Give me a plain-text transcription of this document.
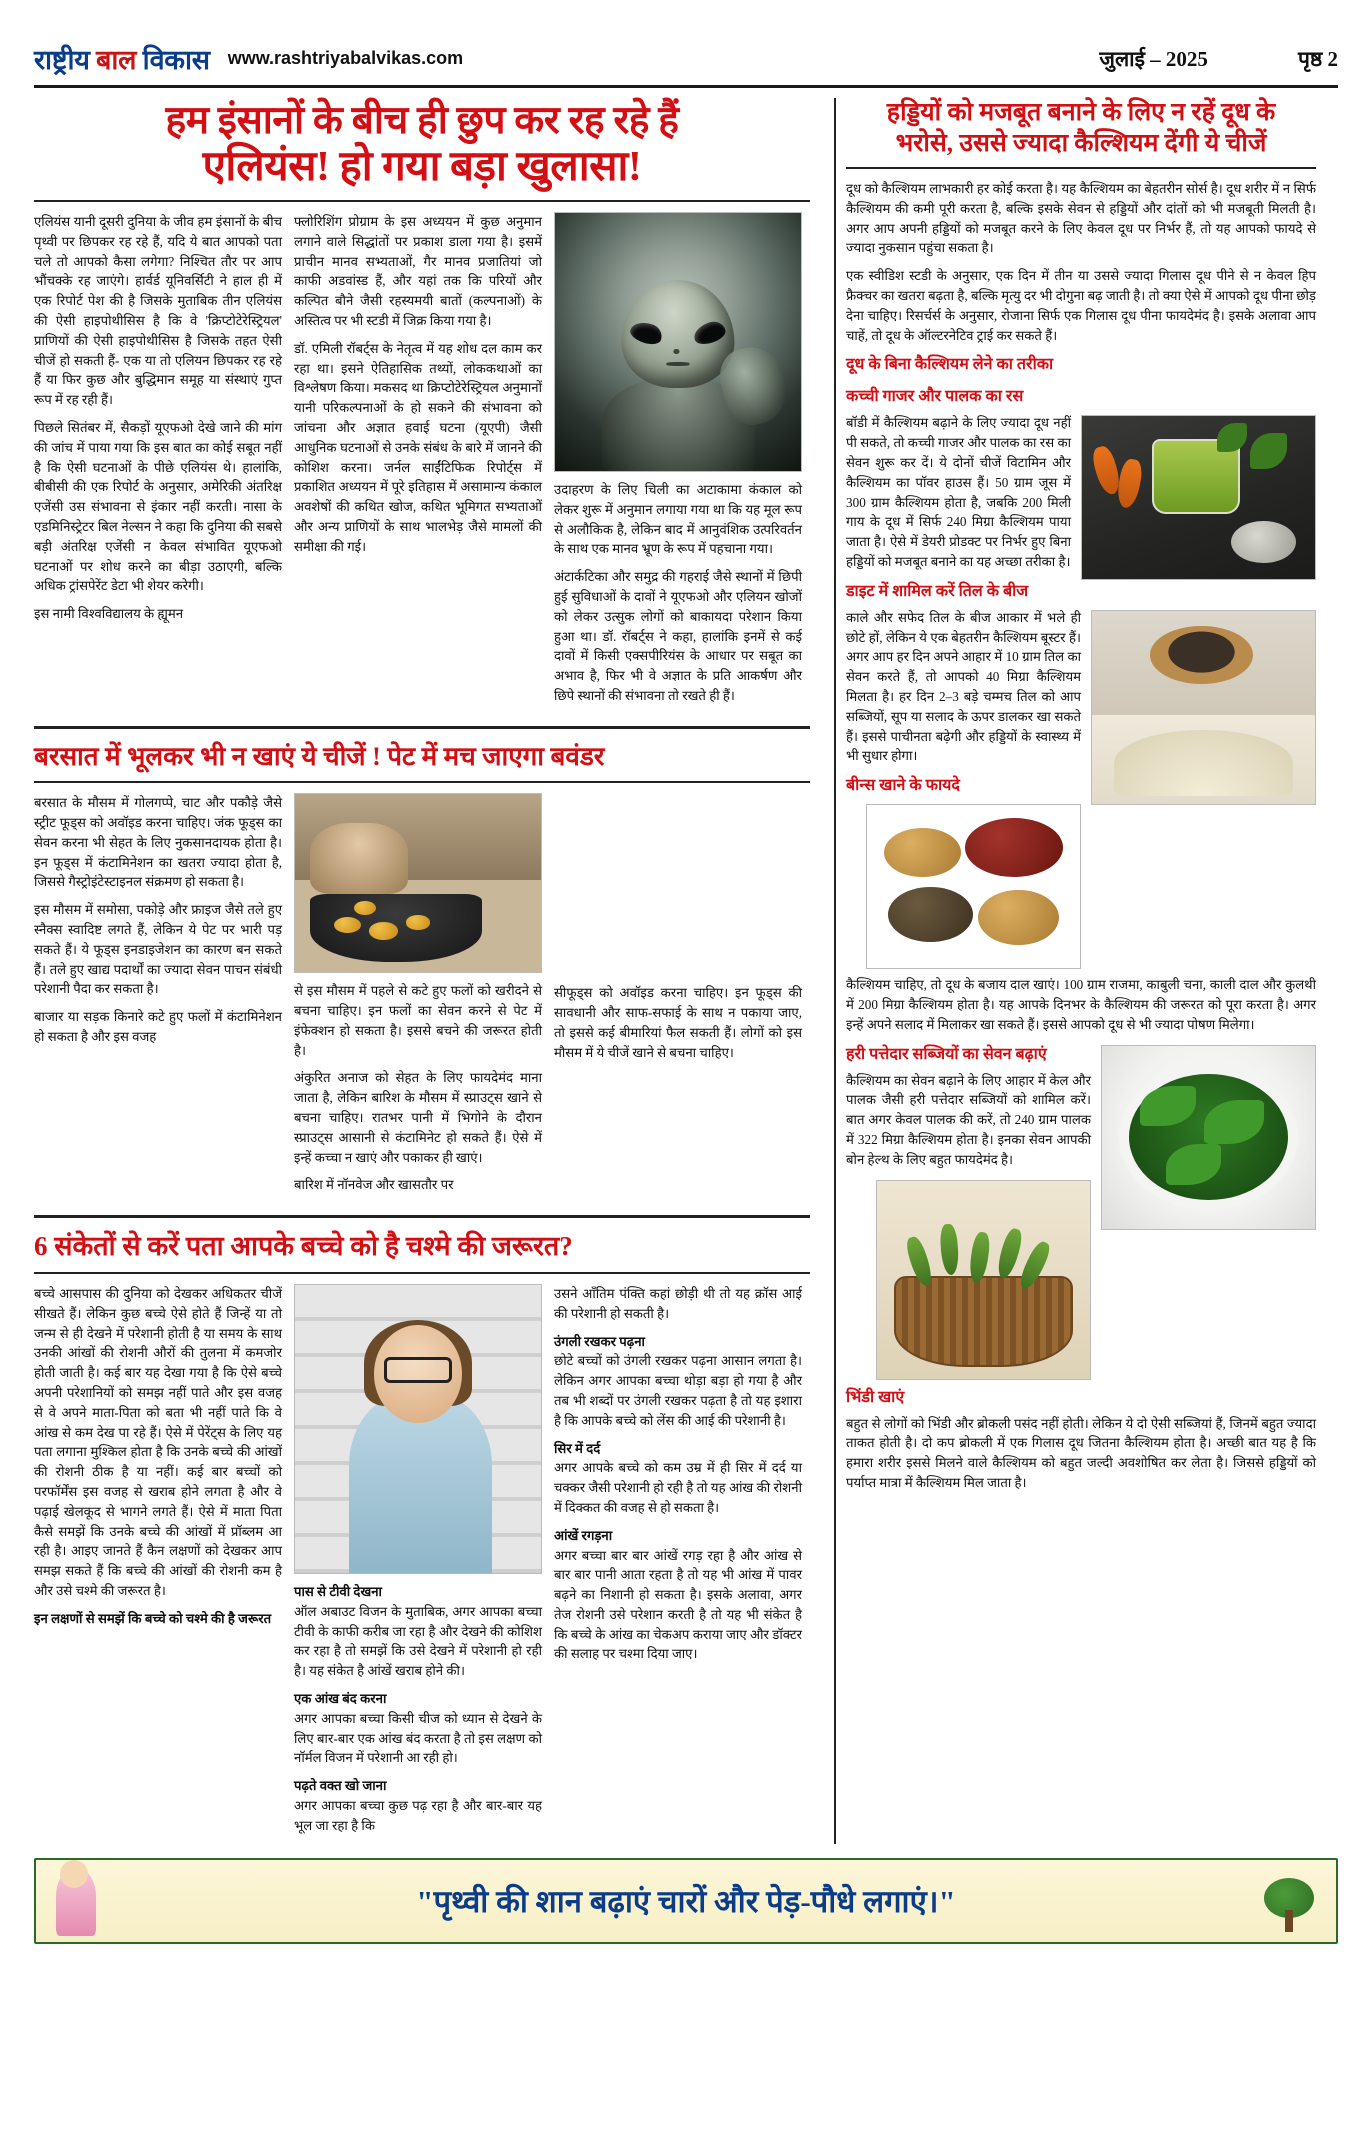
राष्ट्रीय बाल विकास www.rashtriyabalvikas.com	जुलाई – 2025	पृष्ठ 2
हम इंसानों के बीच ही छुप कर रह रहे हैं
एलियंस! हो गया बड़ा खुलासा!

एलियंस यानी दूसरी दुनिया के जीव हम इंसानों के बीच पृथ्वी पर छिपकर रह रहे हैं, यदि ये बात आपको पता चले तो आपको कैसा लगेगा? निश्चित तौर पर आप भौंचक्के रह जाएंगे। हार्वर्ड यूनिवर्सिटी ने हाल ही में एक रिपोर्ट पेश की है जिसके मुताबिक तीन एलियंस की ऐसी हाइपोथीसिस है कि वे 'क्रिप्टोटेरेस्ट्रियल' प्राणियों की ऐसी हाइपोथीसिस है जिसके तहत ऐसी चीजें हो सकती हैं- एक या तो एलियन छिपकर रह रहे हैं या फिर कुछ और बुद्धिमान समूह या संस्थाएं गुप्त रूप में रह रही हैं।

पिछले सितंबर में, सैकड़ों यूएफओ देखे जाने की मांग की जांच में पाया गया कि इस बात का कोई सबूत नहीं है कि ऐसी घटनाओं के पीछे एलियंस थे। हालांकि, बीबीसी की एक रिपोर्ट के अनुसार, अमेरिकी अंतरिक्ष एजेंसी उस संभावना से इंकार नहीं करती। नासा के एडमिनिस्ट्रेटर बिल नेल्सन ने कहा कि दुनिया की सबसे बड़ी अंतरिक्ष एजेंसी न केवल संभावित यूएफओ घटनाओं पर शोध करने का बीड़ा उठाएगी, बल्कि अधिक ट्रांसपेरेंट डेटा भी शेयर करेगी।

इस नामी विश्वविद्यालय के ह्यूमन

फ्लोरिशिंग प्रोग्राम के इस अध्ययन में कुछ अनुमान लगाने वाले सिद्धांतों पर प्रकाश डाला गया है। इसमें प्राचीन मानव सभ्यताओं, गैर मानव प्रजातियां जो काफी अडवांस्ड हैं, और यहां तक कि परियों और कल्पित बौने जैसी रहस्यमयी बातों (कल्पनाओं) के अस्तित्व पर भी स्टडी में जिक्र किया गया है।

डॉ. एमिली रॉबर्ट्स के नेतृत्व में यह शोध दल काम कर रहा था। इसने ऐतिहासिक तथ्यों, लोककथाओं का विश्लेषण किया। मकसद था क्रिप्टोटेरेस्ट्रियल अनुमानों यानी परिकल्पनाओं के हो सकने की संभावना को जांचना और अज्ञात हवाई घटना (यूएपी) जैसी आधुनिक घटनाओं से उनके संबंध के बारे में जानने की कोशिश करना। जर्नल साईंटिफिक रिपोर्ट्स में प्रकाशित अध्ययन में पूरे इतिहास में असामान्य कंकाल अवशेषों की कथित खोज, कथित भूमिगत सभ्यताओं और अन्य प्राणियों के साथ भालभेड़ जैसे मामलों की समीक्षा की गई।

उदाहरण के लिए चिली का अटाकामा कंकाल को लेकर शुरू में अनुमान लगाया गया था कि यह मूल रूप से अलौकिक है, लेकिन बाद में आनुवंशिक उत्परिवर्तन के साथ एक मानव भ्रूण के रूप में पहचाना गया।

अंटार्कटिका और समुद्र की गहराई जैसे स्थानों में छिपी हुई सुविधाओं के दावों ने यूएफओ और एलियन खोजों को लेकर उत्सुक लोगों को बाकायदा परेशान किया हुआ था। डॉ. रॉबर्ट्स ने कहा, हालांकि इनमें से कई दावों में किसी एक्सपीरियंस के आधार पर सबूत का अभाव है, फिर भी वे अज्ञात के प्रति आकर्षण और छिपे स्थानों की संभावना तो रखते ही हैं।

बरसात में भूलकर भी न खाएं ये चीजें ! पेट में मच जाएगा बवंडर

बरसात के मौसम में गोलगप्पे, चाट और पकौड़े जैसे स्ट्रीट फूड्स को अवॉइड करना चाहिए। जंक फूड्स का सेवन करना भी सेहत के लिए नुकसानदायक होता है। इन फूड्स में कंटामिनेशन का खतरा ज्यादा होता है, जिससे गैस्ट्रोइंटेस्टाइनल संक्रमण हो सकता है।

इस मौसम में समोसा, पकोड़े और फ्राइज जैसे तले हुए स्नैक्स स्वादिष्ट लगते हैं, लेकिन ये पेट पर भारी पड़ सकते हैं। ये फूड्स इनडाइजेशन का कारण बन सकते हैं। तले हुए खाद्य पदार्थों का ज्यादा सेवन पाचन संबंधी परेशानी पैदा कर सकता है।

बाजार या सड़क किनारे कटे हुए फलों में कंटामिनेशन हो सकता है और इस वजह

से इस मौसम में पहले से कटे हुए फलों को खरीदने से बचना चाहिए। इन फलों का सेवन करने से पेट में इंफेक्शन हो सकता है। इससे बचने की जरूरत होती है।

अंकुरित अनाज को सेहत के लिए फायदेमंद माना जाता है, लेकिन बारिश के मौसम में स्प्राउट्स खाने से बचना चाहिए। रातभर पानी में भिगोने के दौरान स्प्राउट्स आसानी से कंटामिनेट हो सकते हैं। ऐसे में इन्हें कच्चा न खाएं और पकाकर ही खाएं।

बारिश में नॉनवेज और खासतौर पर

सीफूड्स को अवॉइड करना चाहिए। इन फूड्स की सावधानी और साफ-सफाई के साथ न पकाया जाए, तो इससे कई बीमारियां फैल सकती हैं। लोगों को इस मौसम में ये चीजें खाने से बचना चाहिए।

6 संकेतों से करें पता आपके बच्चे को है चश्मे की जरूरत?

बच्चे आसपास की दुनिया को देखकर अधिकतर चीजें सीखते हैं। लेकिन कुछ बच्चे ऐसे होते हैं जिन्हें या तो जन्म से ही देखने में परेशानी होती है या समय के साथ उनकी आंखों की रोशनी औरों की तुलना में कमजोर होती जाती है। कई बार यह देखा गया है कि ऐसे बच्चे अपनी परेशानियों को समझ नहीं पाते और इस वजह से वे अपने माता-पिता को बता भी नहीं पाते कि वे आंख से कम देख पा रहे हैं। ऐसे में पेरेंट्स के लिए यह पता लगाना मुश्किल होता है कि उनके बच्चे की आंखों की रोशनी ठीक है या नहीं। कई बार बच्चों को परफॉर्मेंस इस वजह से खराब होने लगता है और वे पढ़ाई खेलकूद से भागने लगते हैं। ऐसे में माता पिता कैसे समझें कि उनके बच्चे की आंखों में प्रॉब्लम आ रही है। आइए जानते हैं कैन लक्षणों को देखकर आप समझ सकते हैं कि बच्चे की आंखों की रोशनी कम है और उसे चश्मे की जरूरत है।

इन लक्षणों से समझें कि बच्चे को चश्मे की है जरूरत

पास से टीवी देखना

ऑल अबाउट विजन के मुताबिक, अगर आपका बच्चा टीवी के काफी करीब जा रहा है और देखने की कोशिश कर रहा है तो समझें कि उसे देखने में परेशानी हो रही है। यह संकेत है आंखें खराब होने की।

एक आंख बंद करना

अगर आपका बच्चा किसी चीज को ध्यान से देखने के लिए बार-बार एक आंख बंद करता है तो इस लक्षण को नॉर्मल विजन में परेशानी आ रही हो।

पढ़ते वक्त खो जाना

अगर आपका बच्चा कुछ पढ़ रहा है और बार-बार यह भूल जा रहा है कि

उसने ऑंतिम पंक्ति कहां छोड़ी थी तो यह क्रॉस आई की परेशानी हो सकती है।

उंगली रखकर पढ़ना

छोटे बच्चों को उंगली रखकर पढ़ना आसान लगता है। लेकिन अगर आपका बच्चा थोड़ा बड़ा हो गया है और तब भी शब्दों पर उंगली रखकर पढ़ता है तो यह इशारा है कि आपके बच्चे को लेंस की आई की परेशानी है।

सिर में दर्द

अगर आपके बच्चे को कम उम्र में ही सिर में दर्द या चक्कर जैसी परेशानी हो रही है तो यह आंख की रोशनी में दिक्कत की वजह से हो सकता है।

आंखें रगड़ना

अगर बच्चा बार बार आंखें रगड़ रहा है और आंख से बार बार पानी आता रहता है तो यह भी आंख में पावर बढ़ने का निशानी हो सकता है। इसके अलावा, अगर तेज रोशनी उसे परेशान करती है तो यह भी संकेत है कि बच्चे के आंख का चेकअप कराया जाए और डॉक्टर की सलाह पर चश्मा दिया जाए।

हड्डियों को मजबूत बनाने के लिए न रहें दूध के
भरोसे, उससे ज्यादा कैल्शियम देंगी ये चीजें

दूध को कैल्शियम लाभकारी हर कोई करता है। यह कैल्शियम का बेहतरीन सोर्स है। दूध शरीर में न सिर्फ कैल्शियम की कमी पूरी करता है, बल्कि इसके सेवन से हड्डियों और दांतों को भी मजबूती मिलती है। अगर आप अपनी हड्डियों को मजबूत करने के लिए केवल दूध पर निर्भर हैं, तो यह आपको फायदे से ज्यादा नुकसान पहुंचा सकता है।

एक स्वीडिश स्टडी के अनुसार, एक दिन में तीन या उससे ज्यादा गिलास दूध पीने से न केवल हिप फ्रैक्चर का खतरा बढ़ता है, बल्कि मृत्यु दर भी दोगुना बढ़ जाती है। तो क्या ऐसे में आपको दूध पीना छोड़ देना चाहिए। रिसर्चर्स के अनुसार, रोजाना सिर्फ एक गिलास दूध पीना फायदेमंद है। इसके अलावा आप चाहें, तो दूध के ऑल्टरनेटिव ट्राई कर सकते हैं।

दूध के बिना कैल्शियम लेने का तरीका
कच्ची गाजर और पालक का रस

बॉडी में कैल्शियम बढ़ाने के लिए ज्यादा दूध नहीं पी सकते, तो कच्ची गाजर और पालक का रस का सेवन शुरू कर दें। ये दोनों चीजें विटामिन और कैल्शियम का पॉवर हाउस हैं। 50 ग्राम जूस में 300 ग्राम कैल्शियम होता है, जबकि 200 मिली गाय के दूध में सिर्फ 240 मिग्रा कैल्शियम पाया जाता है। ऐसे में डेयरी प्रोडक्ट पर निर्भर हुए बिना हड्डियों को मजबूत बनाने का यह अच्छा तरीका है।

डाइट में शामिल करें तिल के बीज

काले और सफेद तिल के बीज आकार में भले ही छोटे हों, लेकिन ये एक बेहतरीन कैल्शियम बूस्टर हैं। अगर आप हर दिन अपने आहार में 10 ग्राम तिल का सेवन करते हैं, तो आपको 40 मिग्रा कैल्शियम मिलता है। हर दिन 2–3 बड़े चम्मच तिल को आप सब्जियों, सूप या सलाद के ऊपर डालकर खा सकते हैं। इससे पाचीनता बढ़ेगी और हड्डियों के स्वास्थ्य में भी सुधार होगा।

बीन्स खाने के फायदे

कैल्शियम चाहिए, तो दूध के बजाय दाल खाएं। 100 ग्राम राजमा, काबुली चना, काली दाल और कुलथी में 200 मिग्रा कैल्शियम होता है। यह आपके दिनभर के कैल्शियम की जरूरत को पूरा करता है। अगर इन्हें अपने सलाद में मिलाकर खा सकते हैं। इससे आपको दूध से भी ज्यादा पोषण मिलेगा।

हरी पत्तेदार सब्जियों का सेवन बढ़ाएं

कैल्शियम का सेवन बढ़ाने के लिए आहार में केल और पालक जैसी हरी पत्तेदार सब्जियों को शामिल करें। बात अगर केवल पालक की करें, तो 240 ग्राम पालक में 322 मिग्रा कैल्शियम होता है। इनका सेवन आपकी बोन हेल्थ के लिए बहुत फायदेमंद है।

भिंडी खाएं

बहुत से लोगों को भिंडी और ब्रोकली पसंद नहीं होती। लेकिन ये दो ऐसी सब्जियां हैं, जिनमें बहुत ज्यादा ताकत होती है। दो कप ब्रोकली में एक गिलास दूध जितना कैल्शियम होता है। अच्छी बात यह है कि हमारा शरीर इससे मिलने वाले कैल्शियम को बहुत जल्दी अवशोषित कर लेता है। जिससे हड्डियों को पर्याप्त मात्रा में कैल्शियम मिल जाता है।

"पृथ्वी की शान बढ़ाएं चारों और पेड़-पौधे लगाएं।"
